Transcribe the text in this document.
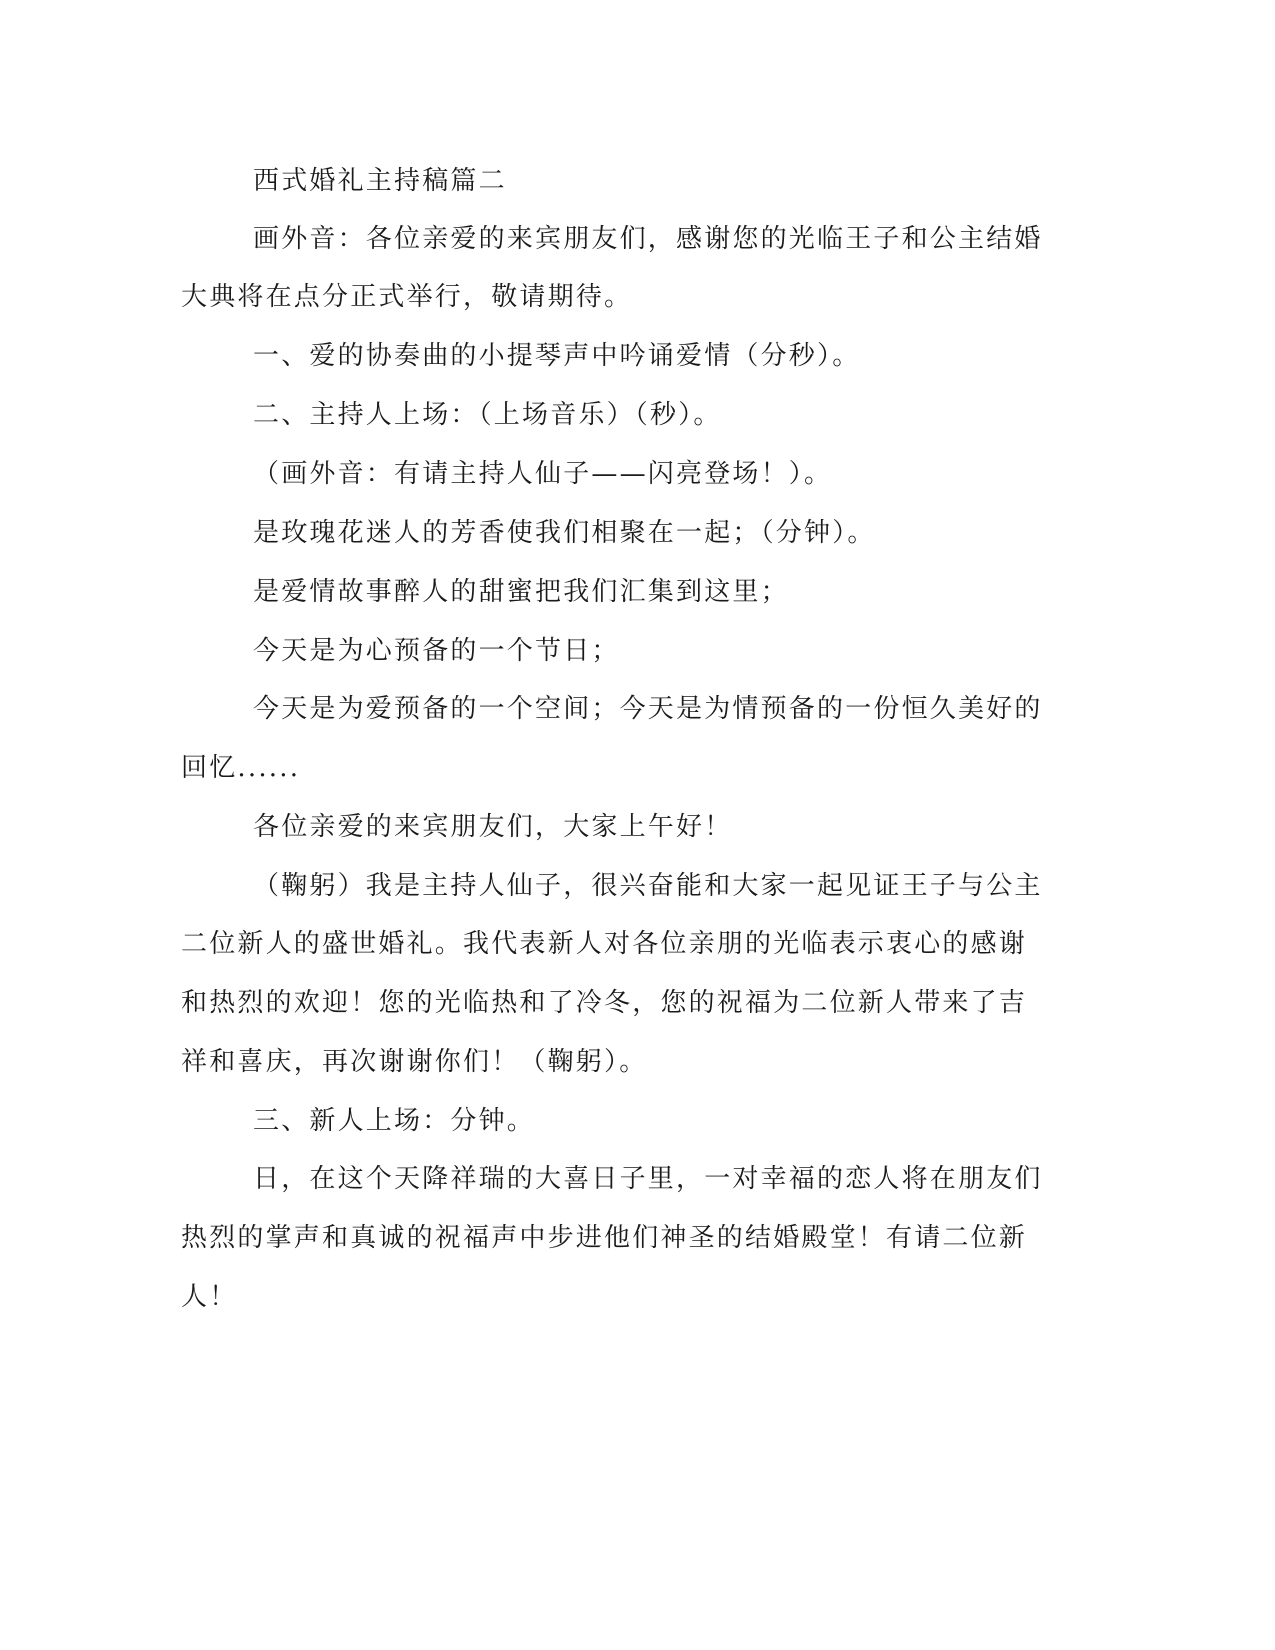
西式婚礼主持稿篇二
画外音：各位亲爱的来宾朋友们，感谢您的光临王子和公主结婚
大典将在点分正式举行，敬请期待。
一、爱的协奏曲的小提琴声中吟诵爱情（分秒）。
二、主持人上场：（上场音乐）（秒）。
（画外音：有请主持人仙子——闪亮登场！）。
是玫瑰花迷人的芳香使我们相聚在一起；（分钟）。
是爱情故事醉人的甜蜜把我们汇集到这里；
今天是为心预备的一个节日；
今天是为爱预备的一个空间；今天是为情预备的一份恒久美好的
回忆......
各位亲爱的来宾朋友们，大家上午好！
（鞠躬）我是主持人仙子，很兴奋能和大家一起见证王子与公主
二位新人的盛世婚礼。我代表新人对各位亲朋的光临表示衷心的感谢
和热烈的欢迎！您的光临热和了冷冬，您的祝福为二位新人带来了吉
祥和喜庆，再次谢谢你们！（鞠躬）。
三、新人上场：分钟。
日，在这个天降祥瑞的大喜日子里，一对幸福的恋人将在朋友们
热烈的掌声和真诚的祝福声中步进他们神圣的结婚殿堂！有请二位新
人！
